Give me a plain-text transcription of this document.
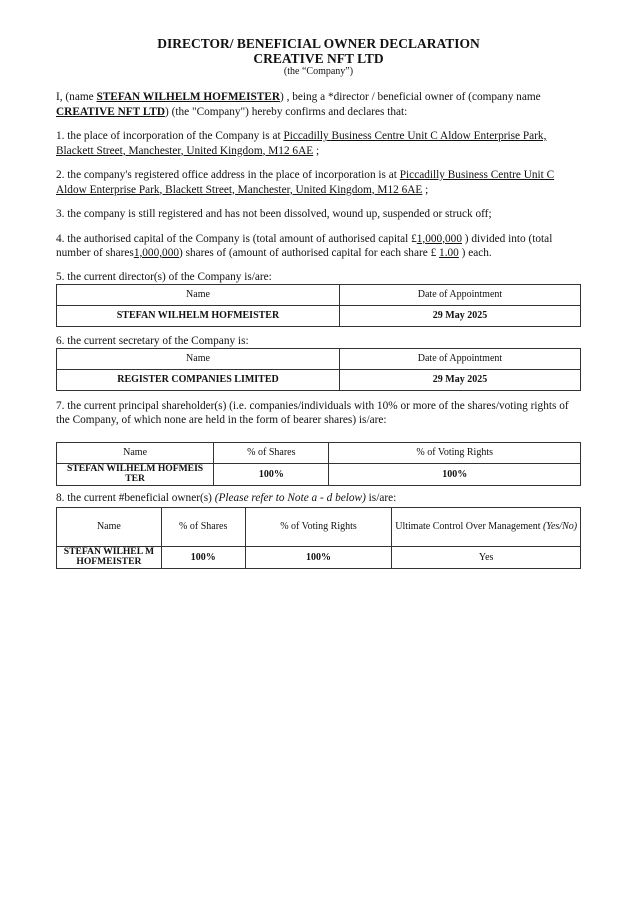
DIRECTOR/ BENEFICIAL OWNER DECLARATION
CREATIVE NFT LTD
(the “Company”)

I, (name STEFAN WILHELM HOFMEISTER) , being a *director / beneficial owner of (company name CREATIVE NFT LTD) (the "Company") hereby confirms and declares that:

1. the place of incorporation of the Company is at Piccadilly Business Centre Unit C Aldow Enterprise Park, Blackett Street, Manchester, United Kingdom, M12 6AE ;

2. the company's registered office address in the place of incorporation is at Piccadilly Business Centre Unit C Aldow Enterprise Park, Blackett Street, Manchester, United Kingdom, M12 6AE ;

3. the company is still registered and has not been dissolved, wound up, suspended or struck off;

4. the authorised capital of the Company is (total amount of authorised capital £1,000,000 ) divided into (total number of shares1,000,000) shares of (amount of authorised capital for each share £ 1.00 ) each.

5. the current director(s) of the Company is/are:
Name	Date of Appointment
STEFAN WILHELM HOFMEISTER	29 May 2025
6. the current secretary of the Company is:
Name	Date of Appointment
REGISTER COMPANIES LIMITED	29 May 2025

7. the current principal shareholder(s) (i.e. companies/individuals with 10% or more of the shares/voting rights of the Company, of which none are held in the form of bearer shares) is/are:

Name	% of Shares	% of Voting Rights
STEFAN WILHELM HOFMEIS TER	100%	100%
8. the current #beneficial owner(s) (Please refer to Note a - d below) is/are:
Name	% of Shares	% of Voting Rights	Ultimate Control Over Management (Yes/No)
STEFAN WILHEL M HOFMEISTER	100%	100%	Yes
